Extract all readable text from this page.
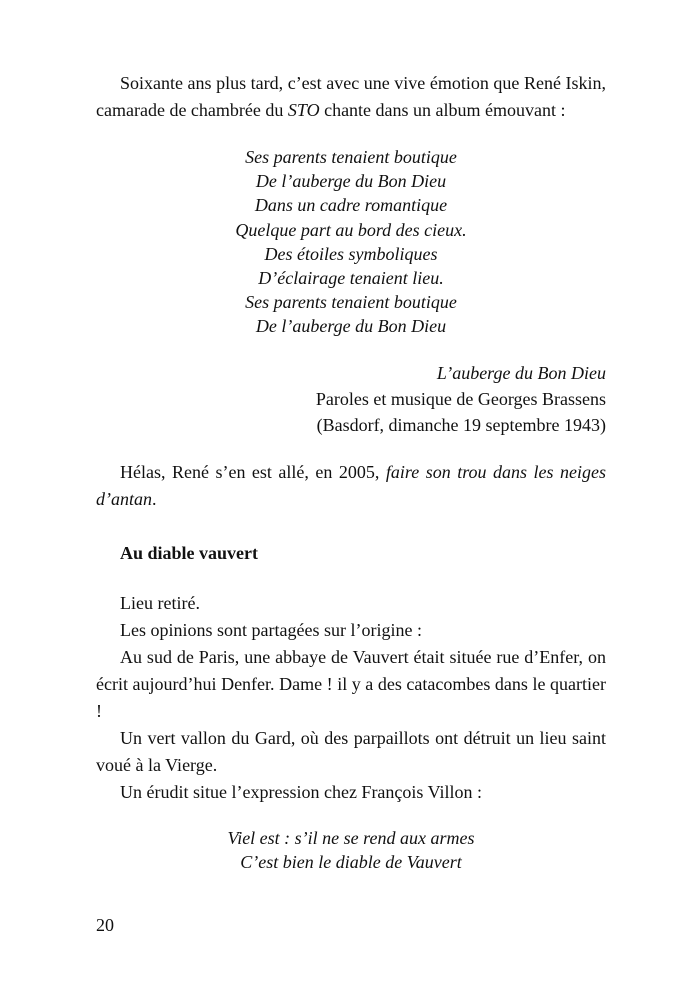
Soixante ans plus tard, c’est avec une vive émotion que René Iskin, camarade de chambrée du STO chante dans un album émouvant :

Ses parents tenaient boutique
De l’auberge du Bon Dieu
Dans un cadre romantique
Quelque part au bord des cieux.
Des étoiles symboliques
D’éclairage tenaient lieu.
Ses parents tenaient boutique
De l’auberge du Bon Dieu
L’auberge du Bon Dieu
Paroles et musique de Georges Brassens
(Basdorf, dimanche 19 septembre 1943)

Hélas, René s’en est allé, en 2005, faire son trou dans les neiges d’antan.

Au diable vauvert

Lieu retiré.

Les opinions sont partagées sur l’origine :

Au sud de Paris, une abbaye de Vauvert était située rue d’Enfer, on écrit aujourd’hui Denfer. Dame ! il y a des catacombes dans le quartier !

Un vert vallon du Gard, où des parpaillots ont détruit un lieu saint voué à la Vierge.

Un érudit situe l’expression chez François Villon :

Viel est : s’il ne se rend aux armes
C’est bien le diable de Vauvert
20
